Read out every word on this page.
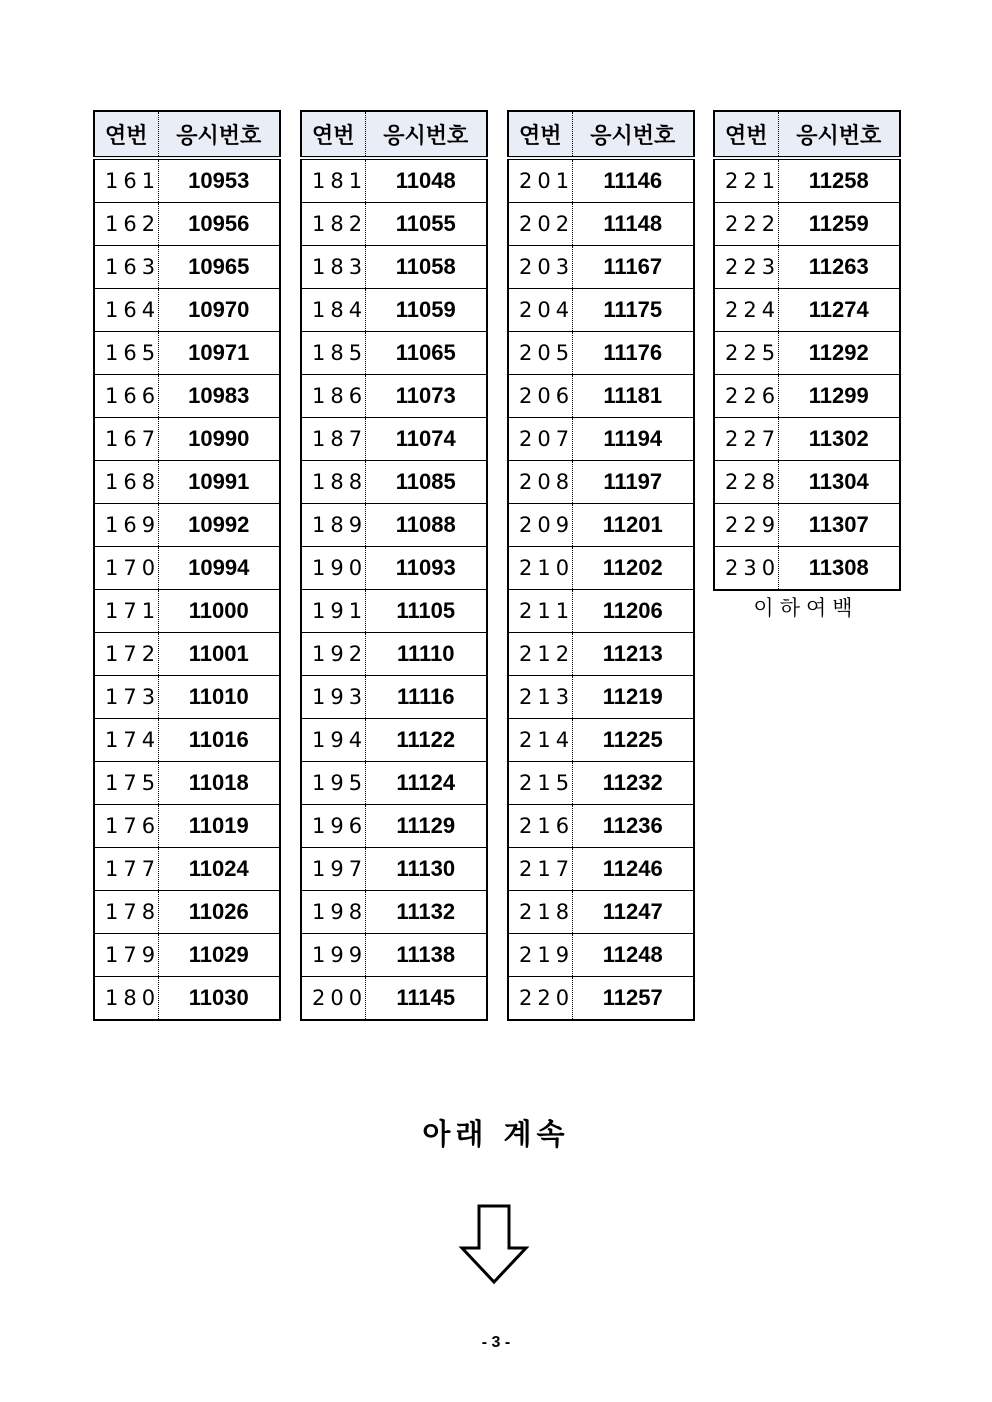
연번	응시번호
161	10953
162	10956
163	10965
164	10970
165	10971
166	10983
167	10990
168	10991
169	10992
170	10994
171	11000
172	11001
173	11010
174	11016
175	11018
176	11019
177	11024
178	11026
179	11029
180	11030
연번	응시번호
181	11048
182	11055
183	11058
184	11059
185	11065
186	11073
187	11074
188	11085
189	11088
190	11093
191	11105
192	11110
193	11116
194	11122
195	11124
196	11129
197	11130
198	11132
199	11138
200	11145
연번	응시번호
201	11146
202	11148
203	11167
204	11175
205	11176
206	11181
207	11194
208	11197
209	11201
210	11202
211	11206
212	11213
213	11219
214	11225
215	11232
216	11236
217	11246
218	11247
219	11248
220	11257
연번	응시번호
221	11258
222	11259
223	11263
224	11274
225	11292
226	11299
227	11302
228	11304
229	11307
230	11308
이하여백
아래 계속
- 3 -
